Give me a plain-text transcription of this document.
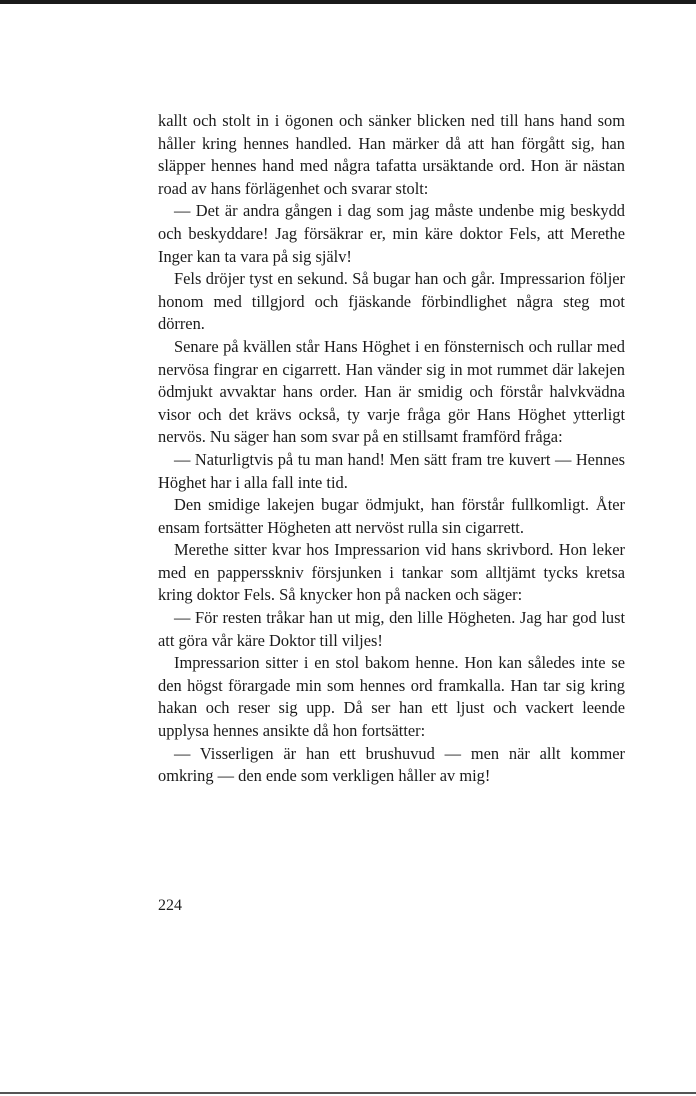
kallt och stolt in i ögonen och sänker blicken ned till hans hand som håller kring hennes handled. Han märker då att han förgått sig, han släpper hennes hand med några tafatta ursäktande ord. Hon är nästan road av hans förlägenhet och svarar stolt:

— Det är andra gången i dag som jag måste undenbe mig beskydd och beskyddare! Jag försäkrar er, min käre doktor Fels, att Merethe Inger kan ta vara på sig själv!

Fels dröjer tyst en sekund. Så bugar han och går. Impressarion följer honom med tillgjord och fjäskande förbindlighet några steg mot dörren.

Senare på kvällen står Hans Höghet i en fönsternisch och rullar med nervösa fingrar en cigarrett. Han vänder sig in mot rummet där lakejen ödmjukt avvaktar hans order. Han är smidig och förstår halvkvädna visor och det krävs också, ty varje fråga gör Hans Höghet ytterligt nervös. Nu säger han som svar på en stillsamt framförd fråga:

— Naturligtvis på tu man hand! Men sätt fram tre kuvert — Hennes Höghet har i alla fall inte tid.

Den smidige lakejen bugar ödmjukt, han förstår fullkomligt. Åter ensam fortsätter Högheten att nervöst rulla sin cigarrett.

Merethe sitter kvar hos Impressarion vid hans skrivbord. Hon leker med en pappersskniv försjunken i tankar som alltjämt tycks kretsa kring doktor Fels. Så knycker hon på nacken och säger:

— För resten tråkar han ut mig, den lille Högheten. Jag har god lust att göra vår käre Doktor till viljes!

Impressarion sitter i en stol bakom henne. Hon kan således inte se den högst förargade min som hennes ord framkalla. Han tar sig kring hakan och reser sig upp. Då ser han ett ljust och vackert leende upplysa hennes ansikte då hon fortsätter:

— Visserligen är han ett brushuvud — men när allt kommer omkring — den ende som verkligen håller av mig!

224
